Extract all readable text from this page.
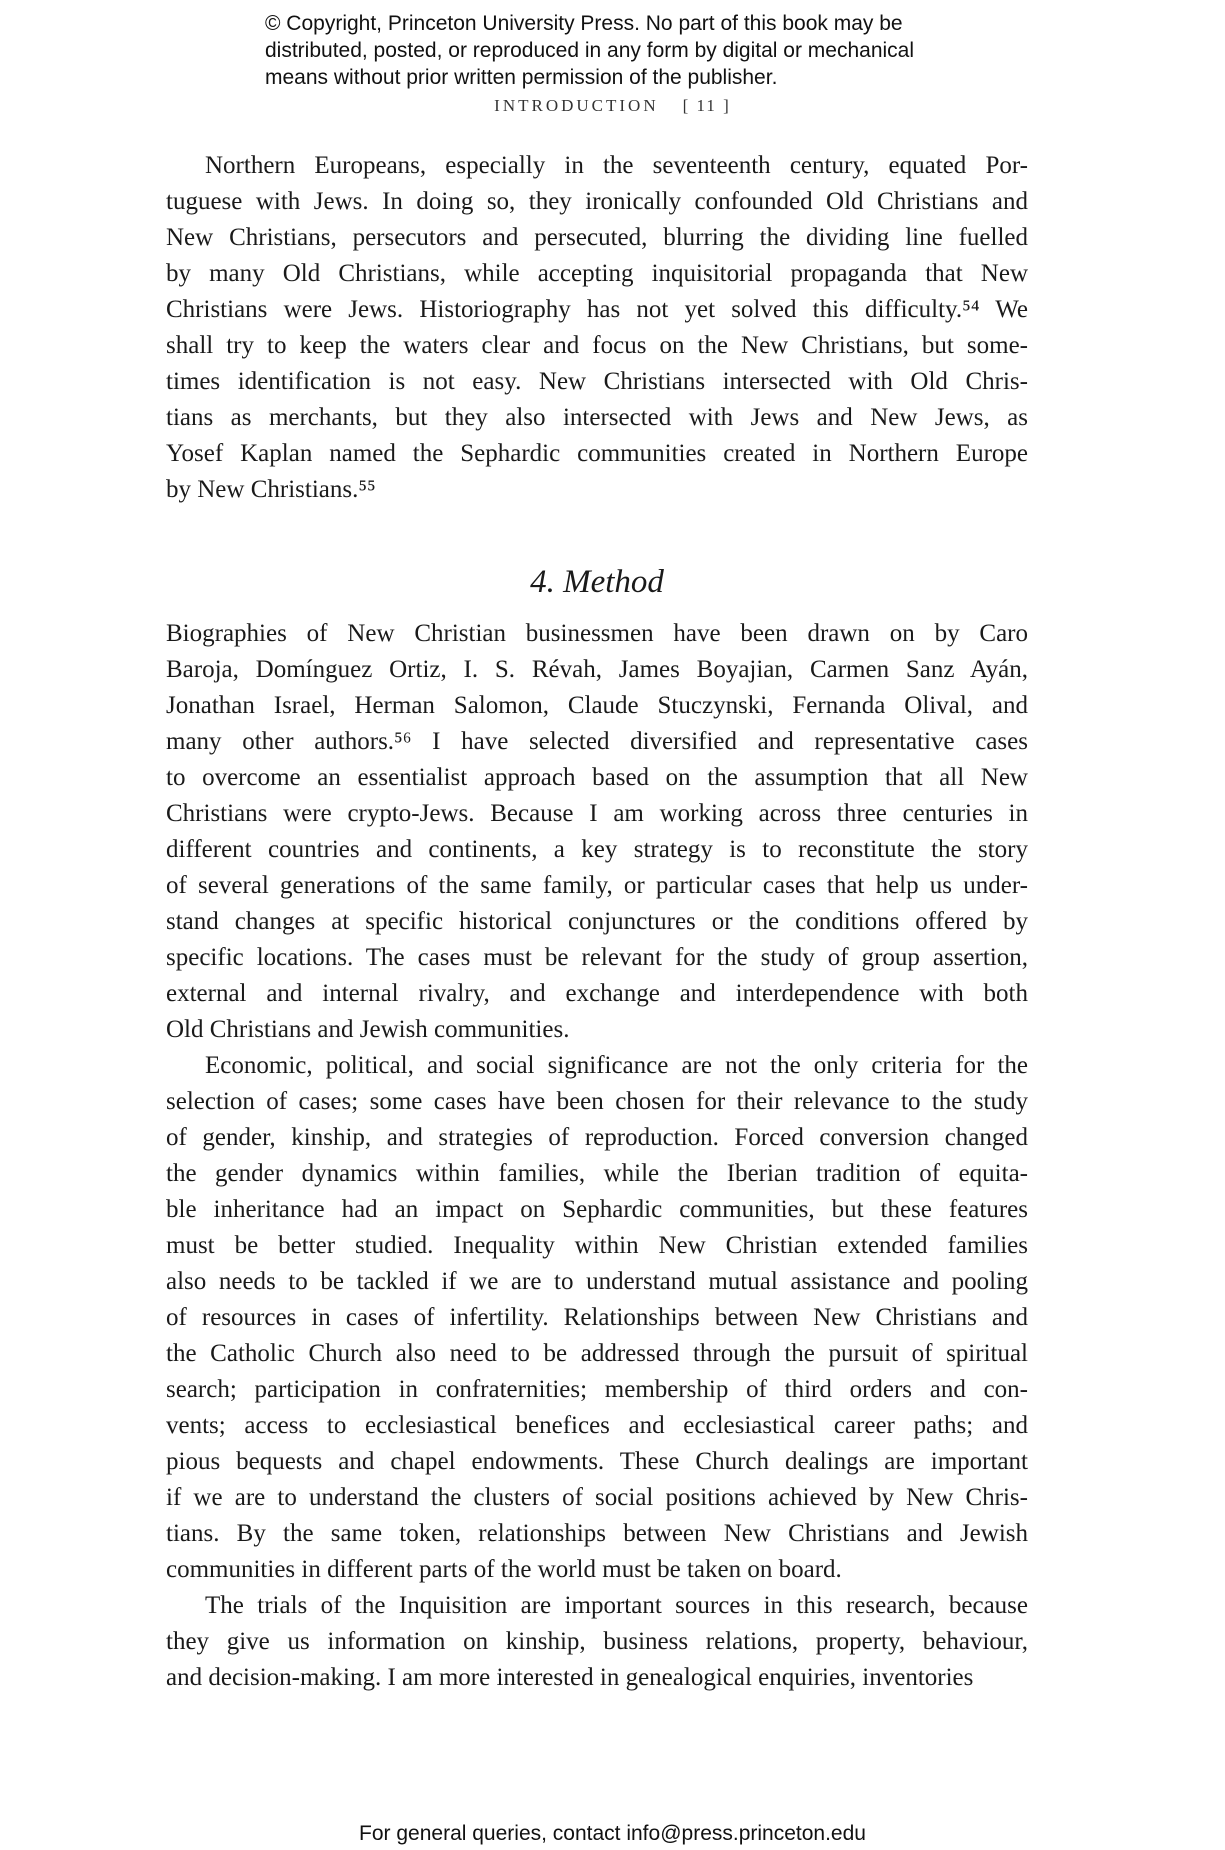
© Copyright, Princeton University Press. No part of this book may be
distributed, posted, or reproduced in any form by digital or mechanical
means without prior written permission of the publisher.
INTRODUCTION [ 11 ]
Northern Europeans, especially in the seventeenth century, equated Por-
tuguese with Jews. In doing so, they ironically confounded Old Christians and
New Christians, persecutors and persecuted, blurring the dividing line fuelled
by many Old Christians, while accepting inquisitorial propaganda that New
Christians were Jews. Historiography has not yet solved this difficulty.⁵⁴ We
shall try to keep the waters clear and focus on the New Christians, but some-
times identification is not easy. New Christians intersected with Old Chris-
tians as merchants, but they also intersected with Jews and New Jews, as
Yosef Kaplan named the Sephardic communities created in Northern Europe
by New Christians.⁵⁵
4. Method
Biographies of New Christian businessmen have been drawn on by Caro
Baroja, Domínguez Ortiz, I. S. Révah, James Boyajian, Carmen Sanz Ayán,
Jonathan Israel, Herman Salomon, Claude Stuczynski, Fernanda Olival, and
many other authors.⁵⁶ I have selected diversified and representative cases
to overcome an essentialist approach based on the assumption that all New
Christians were crypto-Jews. Because I am working across three centuries in
different countries and continents, a key strategy is to reconstitute the story
of several generations of the same family, or particular cases that help us under-
stand changes at specific historical conjunctures or the conditions offered by
specific locations. The cases must be relevant for the study of group assertion,
external and internal rivalry, and exchange and interdependence with both
Old Christians and Jewish communities.
Economic, political, and social significance are not the only criteria for the
selection of cases; some cases have been chosen for their relevance to the study
of gender, kinship, and strategies of reproduction. Forced conversion changed
the gender dynamics within families, while the Iberian tradition of equita-
ble inheritance had an impact on Sephardic communities, but these features
must be better studied. Inequality within New Christian extended families
also needs to be tackled if we are to understand mutual assistance and pooling
of resources in cases of infertility. Relationships between New Christians and
the Catholic Church also need to be addressed through the pursuit of spiritual
search; participation in confraternities; membership of third orders and con-
vents; access to ecclesiastical benefices and ecclesiastical career paths; and
pious bequests and chapel endowments. These Church dealings are important
if we are to understand the clusters of social positions achieved by New Chris-
tians. By the same token, relationships between New Christians and Jewish
communities in different parts of the world must be taken on board.
The trials of the Inquisition are important sources in this research, because
they give us information on kinship, business relations, property, behaviour,
and decision-making. I am more interested in genealogical enquiries, inventories
For general queries, contact info@press.princeton.edu
